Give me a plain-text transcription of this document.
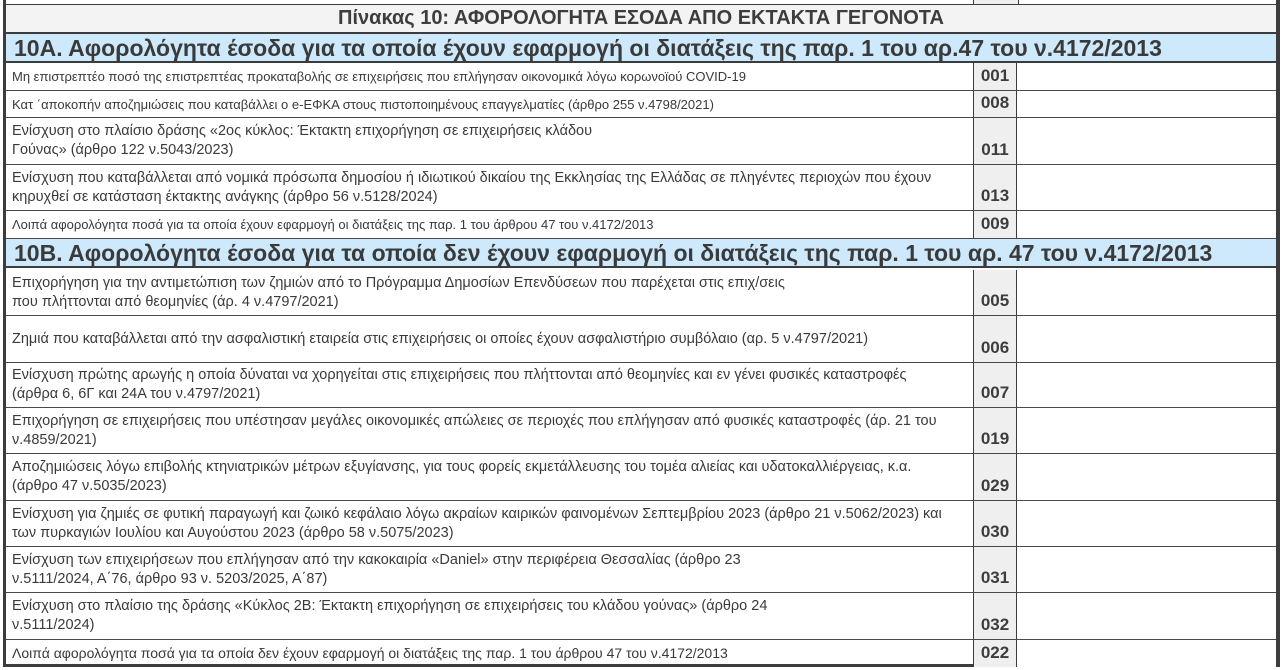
Πίνακας 10: ΑΦΟΡΟΛΟΓΗΤΑ ΕΣΟΔΑ ΑΠΟ ΕΚΤΑΚΤΑ ΓΕΓΟΝΟΤΑ
10Α. Αφορολόγητα έσοδα για τα οποία έχουν εφαρμογή οι διατάξεις της παρ. 1 του αρ.47 του ν.4172/2013
Μη επιστρεπτέο ποσό της επιστρεπτέας προκαταβολής σε επιχειρήσεις που επλήγησαν οικονομικά λόγω κορωνοϊού COVID-19	001
Κατ ΄αποκοπήν αποζημιώσεις που καταβάλλει ο e-ΕΦΚΑ στους πιστοποιημένους επαγγελματίες (άρθρο 255 ν.4798/2021)	008
Ενίσχυση στο πλαίσιο δράσης «2ος κύκλος: Έκτακτη επιχορήγηση σε επιχειρήσεις κλάδου Γούνας» (άρθρο 122 ν.5043/2023)	011
Ενίσχυση που καταβάλλεται από νομικά πρόσωπα δημοσίου ή ιδιωτικού δικαίου της Εκκλησίας της Ελλάδας σε πληγέντες περιοχών που έχουν κηρυχθεί σε κατάσταση έκτακτης ανάγκης (άρθρο 56 ν.5128/2024)	013
Λοιπά αφορολόγητα ποσά για τα οποία έχουν εφαρμογή οι διατάξεις της παρ. 1 του άρθρου 47 του ν.4172/2013	009
10Β. Αφορολόγητα έσοδα για τα οποία δεν έχουν εφαρμογή οι διατάξεις της παρ. 1 του αρ. 47 του ν.4172/2013
Επιχορήγηση για την αντιμετώπιση των ζημιών από το Πρόγραμμα Δημοσίων Επενδύσεων που παρέχεται στις επιχ/σεις που πλήττονται από θεομηνίες (άρ. 4 ν.4797/2021)	005
Ζημιά που καταβάλλεται από την ασφαλιστική εταιρεία στις επιχειρήσεις οι οποίες έχουν ασφαλιστήριο συμβόλαιο (αρ. 5 ν.4797/2021)	006
Ενίσχυση πρώτης αρωγής η οποία δύναται να χορηγείται στις επιχειρήσεις που πλήττονται από θεομηνίες και εν γένει φυσικές καταστροφές (άρθρα 6, 6Γ και 24Α του ν.4797/2021)	007
Επιχορήγηση σε επιχειρήσεις που υπέστησαν μεγάλες οικονομικές απώλειες σε περιοχές που επλήγησαν από φυσικές καταστροφές (άρ. 21 του ν.4859/2021)	019
Αποζημιώσεις λόγω επιβολής κτηνιατρικών μέτρων εξυγίανσης, για τους φορείς εκμετάλλευσης του τομέα αλιείας και υδατοκαλλιέργειας, κ.α. (άρθρο 47 ν.5035/2023)	029
Ενίσχυση για ζημιές σε φυτική παραγωγή και ζωικό κεφάλαιο λόγω ακραίων καιρικών φαινομένων Σεπτεμβρίου 2023 (άρθρο 21 ν.5062/2023) και των πυρκαγιών Ιουλίου και Αυγούστου 2023 (άρθρο 58 ν.5075/2023)	030
Ενίσχυση των επιχειρήσεων που επλήγησαν από την κακοκαιρία «Daniel» στην περιφέρεια Θεσσαλίας (άρθρο 23 ν.5111/2024, Α΄76, άρθρο 93 ν. 5203/2025, Α΄87)	031
Ενίσχυση στο πλαίσιο της δράσης «Κύκλος 2Β: Έκτακτη επιχορήγηση σε επιχειρήσεις του κλάδου γούνας» (άρθρο 24 ν.5111/2024)	032
Λοιπά αφορολόγητα ποσά για τα οποία δεν έχουν εφαρμογή οι διατάξεις της παρ. 1 του άρθρου 47 του ν.4172/2013	022
